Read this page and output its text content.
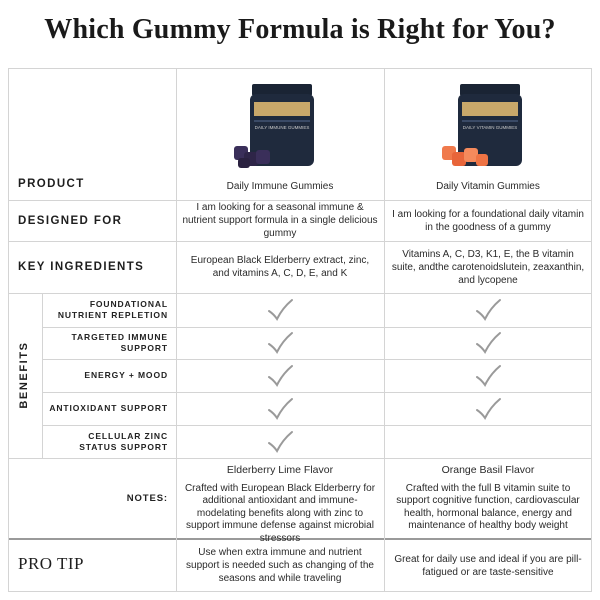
Which Gummy Formula is Right for You?
PRODUCT
DAILY IMMUNE GUMMIES
Daily Immune Gummies
DAILY VITAMIN GUMMIES
Daily Vitamin Gummies
DESIGNED FOR
I am looking for a seasonal immune & nutrient support formula in a single delicious gummy
I am looking for a foundational daily vitamin in the goodness of a gummy
KEY INGREDIENTS
European Black Elderberry extract, zinc, and vitamins A, C, D, E, and K
Vitamins A, C, D3, K1, E, the B vitamin suite, andthe carotenoidslutein, zeaxanthin, and lycopene
BENEFITS
FOUNDATIONAL
NUTRIENT REPLETION
TARGETED IMMUNE
SUPPORT
ENERGY + MOOD
ANTIOXIDANT SUPPORT
CELLULAR ZINC
STATUS SUPPORT
NOTES:
Elderberry Lime Flavor
Crafted with European Black Elderberry for additional antioxidant and immune-modelating benefits along with zinc to support immune defense against microbial stressors
Orange Basil Flavor
Crafted with the full B vitamin suite to support cognitive function, cardiovascular health, hormonal balance, energy and maintenance of healthy body weight
PRO TIP
Use when extra immune and nutrient support is needed such as changing of the seasons and while traveling
Great for daily use and ideal if you are pill-fatigued or are taste-sensitive
